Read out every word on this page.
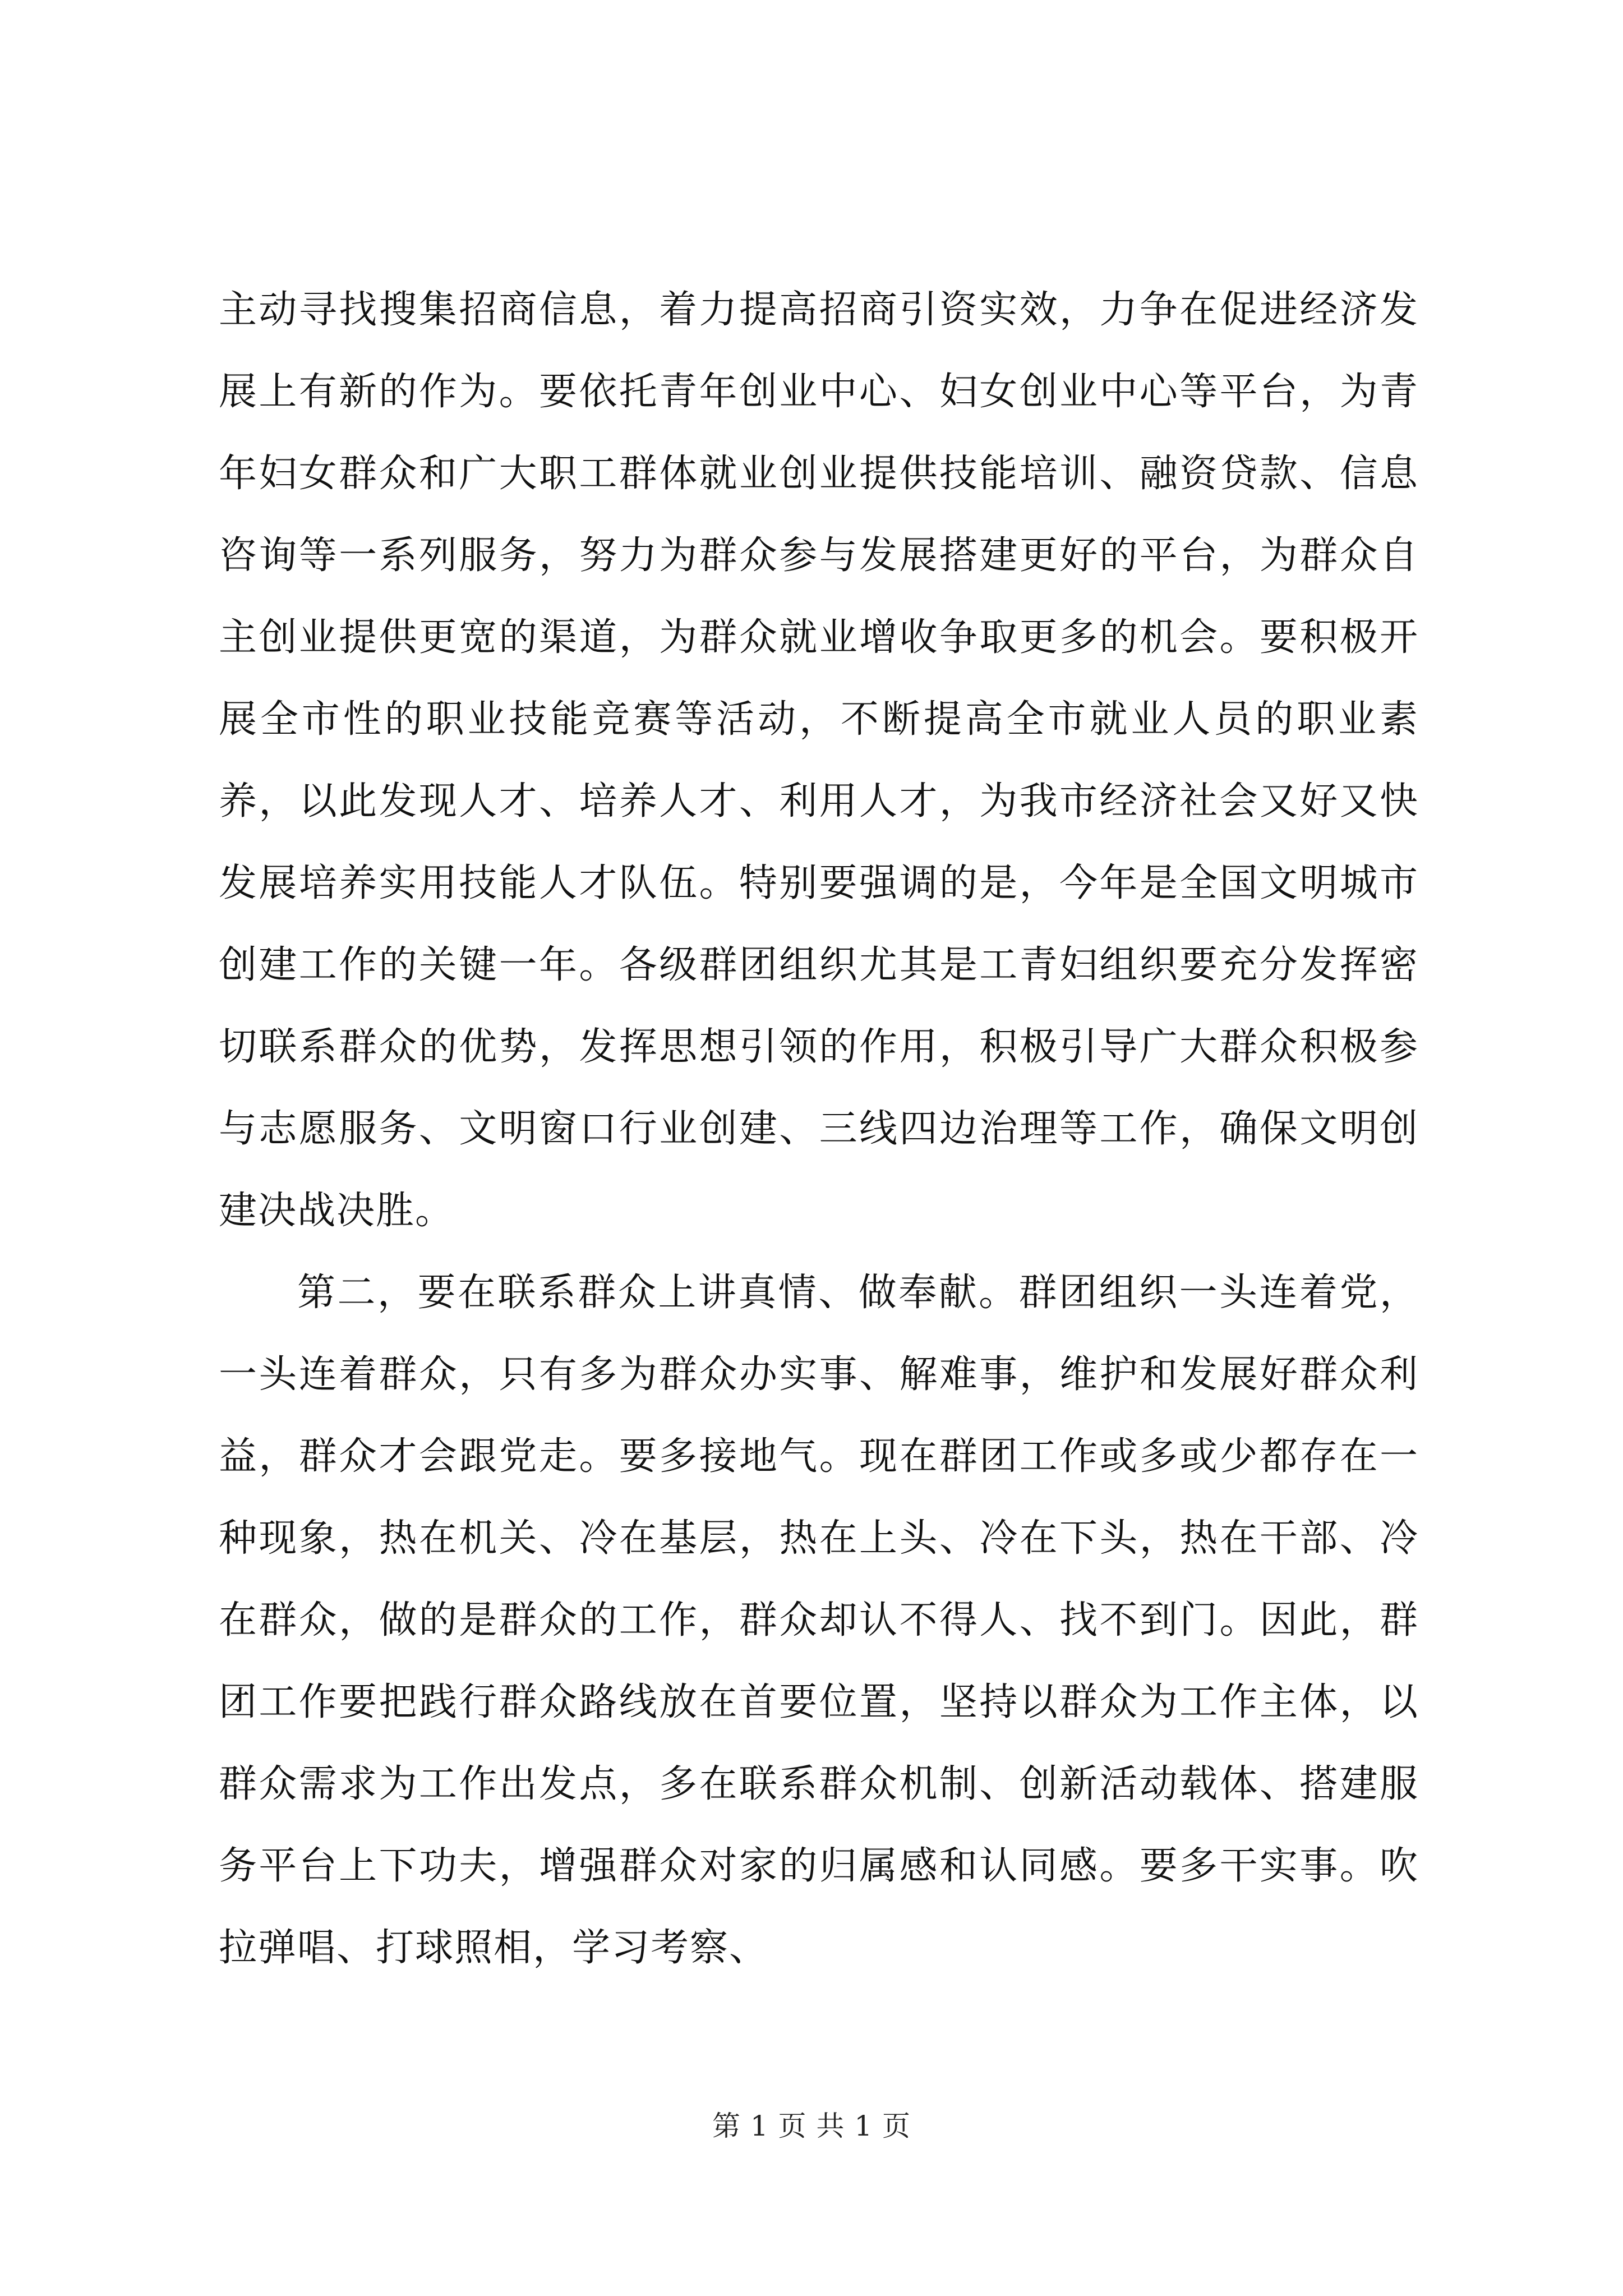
主动寻找搜集招商信息，着力提高招商引资实效，力争在促进经济发展上有新的作为。要依托青年创业中心、妇女创业中心等平台，为青年妇女群众和广大职工群体就业创业提供技能培训、融资贷款、信息咨询等一系列服务，努力为群众参与发展搭建更好的平台，为群众自主创业提供更宽的渠道，为群众就业增收争取更多的机会。要积极开展全市性的职业技能竞赛等活动，不断提高全市就业人员的职业素养，以此发现人才、培养人才、利用人才，为我市经济社会又好又快发展培养实用技能人才队伍。特别要强调的是，今年是全国文明城市创建工作的关键一年。各级群团组织尤其是工青妇组织要充分发挥密切联系群众的优势，发挥思想引领的作用，积极引导广大群众积极参与志愿服务、文明窗口行业创建、三线四边治理等工作，确保文明创建决战决胜。

第二，要在联系群众上讲真情、做奉献。群团组织一头连着党，一头连着群众，只有多为群众办实事、解难事，维护和发展好群众利益，群众才会跟党走。要多接地气。现在群团工作或多或少都存在一种现象，热在机关、冷在基层，热在上头、冷在下头，热在干部、冷在群众，做的是群众的工作，群众却认不得人、找不到门。因此，群团工作要把践行群众路线放在首要位置，坚持以群众为工作主体，以群众需求为工作出发点，多在联系群众机制、创新活动载体、搭建服务平台上下功夫，增强群众对家的归属感和认同感。要多干实事。吹拉弹唱、打球照相，学习考察、

第 1 页 共 1 页
